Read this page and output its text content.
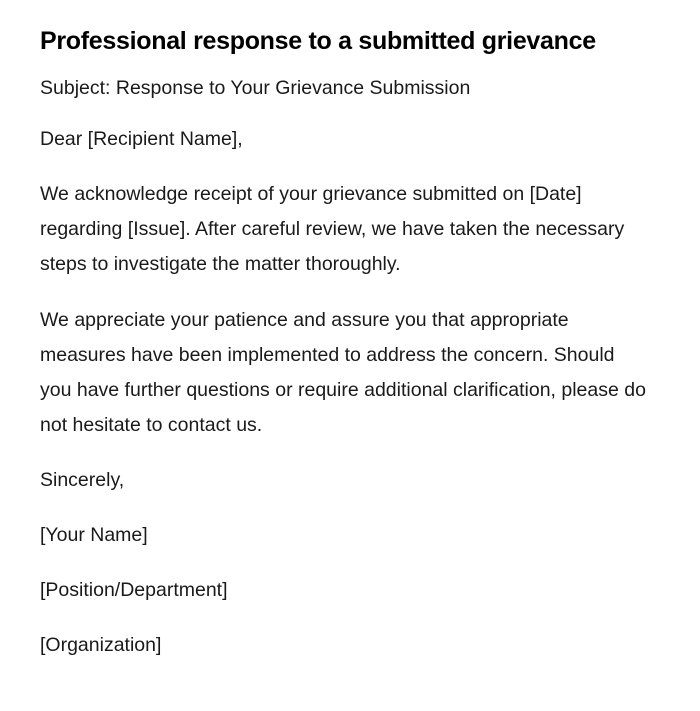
Professional response to a submitted grievance

Subject: Response to Your Grievance Submission

Dear [Recipient Name],

We acknowledge receipt of your grievance submitted on [Date] regarding [Issue]. After careful review, we have taken the necessary steps to investigate the matter thoroughly.

We appreciate your patience and assure you that appropriate measures have been implemented to address the concern. Should you have further questions or require additional clarification, please do not hesitate to contact us.

Sincerely,

[Your Name]

[Position/Department]

[Organization]
